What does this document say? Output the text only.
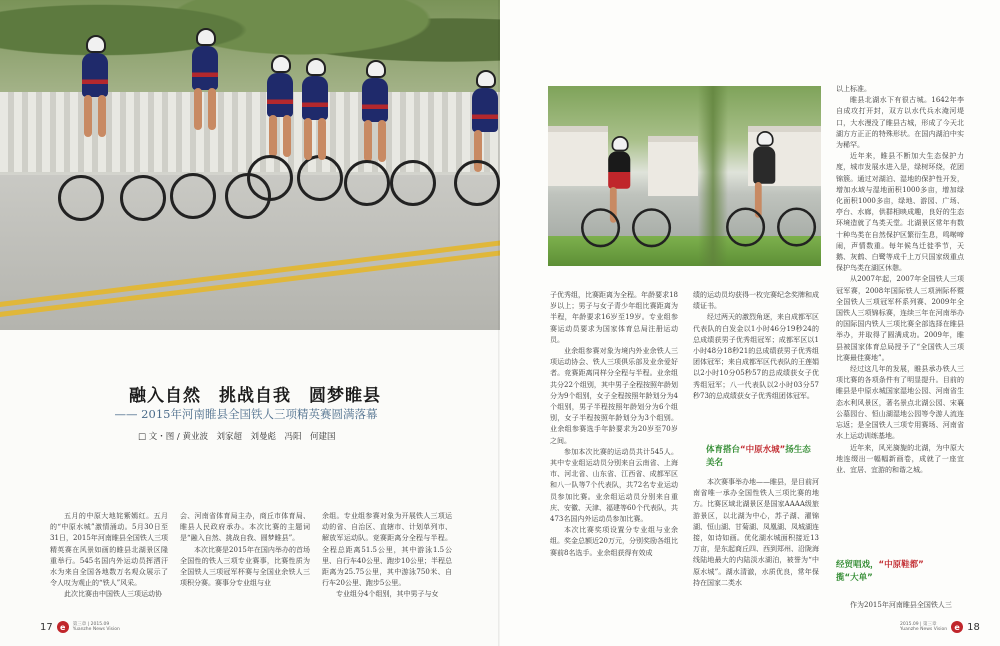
融入自然　挑战自我　圆梦睢县
—— 2015年河南睢县全国铁人三项精英赛圆满落幕
□ 文・图 / 黄业波　刘家超　刘曼彪　冯阳　何建国

五月的中原大地姹紫嫣红。五月的“中原水城”激情涌动。5月30日至31日，2015年河南睢县全国铁人三项精英赛在风景如画的睢县北湖景区隆重举行。545名国内外运动员挥洒汗水为来自全国各地数万名观众展示了令人叹为观止的“铁人”风采。

此次比赛由中国铁人三项运动协

会、河南省体育局主办，商丘市体育局、睢县人民政府承办。本次比赛的主题词是“融入自然、挑战自我、圆梦睢县”。

本次比赛是2015年在国内举办的首场全国性的铁人三项专业赛事，比赛性质为全国铁人三项冠军杯赛与全国业余铁人三项积分赛。赛事分专业组与业

余组。专业组参赛对象为开展铁人三项运动的省、自治区、直辖市、计划单列市、解放军运动队。竞赛距离分全程与半程。全程总距离51.5公里，其中游泳1.5公里、自行车40公里、跑步10公里；半程总距离为25.75公里，其中游泳750米、自行车20公里、跑步5公里。

专业组分4个组别，其中男子与女

17 e	第三章 | 2015.09
Yuanzhe News Vision

子优秀组，比赛距离为全程。年龄要求18岁以上；男子与女子青少年组比赛距离为半程，年龄要求16岁至19岁。专业组参赛运动员要求为国家体育总局注册运动员。

业余组参赛对象为境内外业余铁人三项运动协会、铁人三项俱乐部及业余爱好者。竞赛距离同样分全程与半程。业余组共分22个组别，其中男子全程按照年龄划分为9个组别，女子全程按照年龄划分为4个组别，男子半程按照年龄划分为6个组别，女子半程按照年龄划分为3个组别。业余组参赛选手年龄要求为20岁至70岁之间。

参加本次比赛的运动员共计545人。其中专业组运动员分别来自云南省、上海市、河北省、山东省、江西省、成都军区和八一队等7个代表队，共72名专业运动员参加比赛。业余组运动员分别来自重庆、安徽、天津、福建等60个代表队，共473名国内外运动员参加比赛。

本次比赛奖项设置分专业组与业余组。奖金总额近20万元，分别奖励各组比赛前8名选手。业余组获得有效成

绩的运动员均获得一枚完赛纪念奖牌和成绩证书。

经过两天的激烈角逐，来自成都军区代表队的白发金以1小时46分19秒24的总成绩获男子优秀组冠军；成都军区以1小时48分18秒21的总成绩获男子优秀组团体冠军；来自成都军区代表队的王莲娟以2小时10分05秒57的总成绩获女子优秀组冠军；八一代表队以2小时03分57秒73的总成绩获女子优秀组团体冠军。

体育搭台“中原水城”扬生态美名

本次赛事举办地——睢县，是目前河南省唯一承办全国性铁人三项比赛的地方。比赛区域北湖景区是国家AAAA级旅游景区，以北湖为中心，苏子湖、濯锦湖、恒山湖、甘菊湖、凤凰湖、凤城湖连接，如诗如画。优化湖水城面积接近13万亩，是东起商丘四、西到郑州、沿陇海线陆地最大的内陆淡水湖泊，被誉为“中原水城”。湖水清澈，水质优良，常年保持在国家二类水

以上标准。

睢县北湖水下有很古城。1642年李自成攻打开封，双方以水代兵水淹河堤口，大水漫没了睢县古城，形成了今天北湖方方正正的特殊形状。在国内湖泊中实为稀罕。

近年来，睢县不断加大生态保护力度，城市发展水进入是，绿树环绕，花团锦簇。通过对湖泊、湿地的保护性开发，增加水域与湿地面积1000多亩，增加绿化面积1000多亩，绿地、游园、广场、亭台、水廊，供群相映成趣，良好的生态环境造就了鸟类天堂。北湖景区常年有数十种鸟类在自然保护区繁衍生息，鸣啭啼闹，声情数重。每年候鸟迁徙季节，天鹅、灰鹤、白鹭等成千上万只国家级重点保护鸟类在湖区休憩。

从2007年起，2007年全国铁人三项冠军赛，2008年国际铁人三项洲际杯暨全国铁人三项冠军杯系列赛、2009年全国铁人三项锦标赛，连续三年在河南举办的国际国内铁人三项比赛全部选择在睢县举办，并取得了圆满成功。2009年，睢县被国家体育总局授予了“全国铁人三项比赛最佳赛地”。

经过这几年的发展，睢县承办铁人三项比赛的各项条件有了明显提升。目前的睢县是中原水城国家湿地公园、河南省生态水利风景区，著名景点北湖公园、宋襄公墓园台、恒山湖湿地公园等令游人流连忘返；是全国铁人三项专用赛场、河南省水上运动训练基地。

近年来，风光旖旎的北湖，为中原大地连缀出一幅幅新画卷，成就了一座宜业、宜居、宜游的和谐之城。

经贸唱戏，“中原鞋都”
揽“大单”

作为2015年河南睢县全国铁人三

2015.09 | 第三章
Yuanzhe News Vision e 18
